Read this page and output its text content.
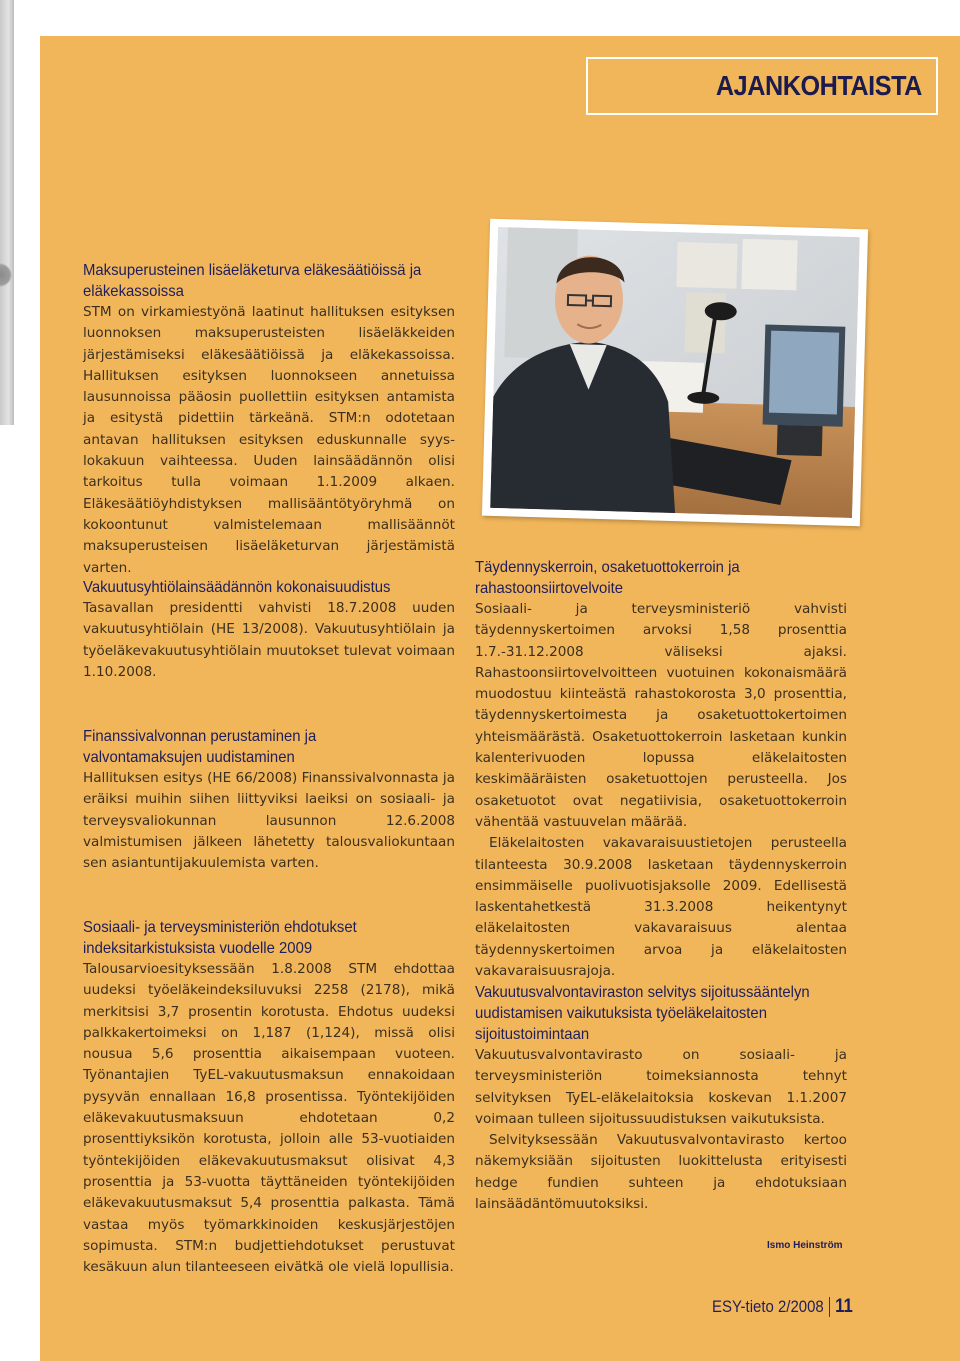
AJANKOHTAISTA
Maksuperusteinen lisäeläketurva eläkesäätiöissä ja eläkekassoissa

STM on virkamiestyönä laatinut hallituksen esityksen luonnoksen maksuperusteisten lisäeläkkeiden järjestämiseksi eläkesäätiöissä ja eläkekassoissa. Hallituksen esityksen luonnokseen annetuissa lausunnoissa pääosin puollettiin esityksen antamista ja esitystä pidettiin tärkeänä. STM:n odotetaan antavan hallituksen esityksen eduskunnalle syys-lokakuun vaihteessa. Uuden lainsäädännön olisi tarkoitus tulla voimaan 1.1.2009 alkaen. Eläkesäätiöyhdistyksen mallisääntötyöryhmä on kokoontunut valmistelemaan mallisäännöt maksuperusteisen lisäeläketurvan järjestämistä varten.

Vakuutusyhtiölainsäädännön kokonaisuudistus

Tasavallan presidentti vahvisti 18.7.2008 uuden vakuutusyhtiölain (HE 13/2008). Vakuutusyhtiölain ja työeläkevakuutusyhtiölain muutokset tulevat voimaan 1.10.2008.

Finanssivalvonnan perustaminen ja valvontamaksujen uudistaminen

Hallituksen esitys (HE 66/2008) Finanssivalvonnasta ja eräiksi muihin siihen liittyviksi laeiksi on sosiaali- ja terveysvaliokunnan lausunnon 12.6.2008 valmistumisen jälkeen lähetetty talousvaliokuntaan sen asiantuntijakuulemista varten.

Sosiaali- ja terveysministeriön ehdotukset indeksitarkistuksista vuodelle 2009

Talousarvioesityksessään 1.8.2008 STM ehdottaa uudeksi työeläkeindeksiluvuksi 2258 (2178), mikä merkitsisi 3,7 prosentin korotusta. Ehdotus uudeksi palkkakertoimeksi on 1,187 (1,124), missä olisi nousua 5,6 prosenttia aikaisempaan vuoteen. Työnantajien TyEL-vakuutusmaksun ennakoidaan pysyvän ennallaan 16,8 prosentissa. Työntekijöiden eläkevakuutusmaksuun ehdotetaan 0,2 prosenttiyksikön korotusta, jolloin alle 53-vuotiaiden työntekijöiden eläkevakuutusmaksut olisivat 4,3 prosenttia ja 53-vuotta täyttäneiden työntekijöiden eläkevakuutusmaksut 5,4 prosenttia palkasta. Tämä vastaa myös työmarkkinoiden keskusjärjestöjen sopimusta. STM:n budjettiehdotukset perustuvat kesäkuun alun tilanteeseen eivätkä ole vielä lopullisia.

Täydennyskerroin, osaketuottokerroin ja rahastoonsiirtovelvoite

Sosiaali- ja terveysministeriö vahvisti täydennyskertoimen arvoksi 1,58 prosenttia 1.7.-31.12.2008 väliseksi ajaksi. Rahastoonsiirtovelvoitteen vuotuinen kokonaismäärä muodostuu kiinteästä rahastokorosta 3,0 prosenttia, täydennyskertoimesta ja osaketuottokertoimen yhteismäärästä. Osaketuottokerroin lasketaan kunkin kalenterivuoden lopussa eläkelaitosten keskimääräisten osaketuottojen perusteella. Jos osaketuotot ovat negatiivisia, osaketuottokerroin vähentää vastuuvelan määrää.

Eläkelaitosten vakavaraisuustietojen perusteella tilanteesta 30.9.2008 lasketaan täydennyskerroin ensimmäiselle puolivuotisjaksolle 2009. Edellisestä laskentahetkestä 31.3.2008 heikentynyt eläkelaitosten vakavaraisuus alentaa täydennyskertoimen arvoa ja eläkelaitosten vakavaraisuusrajoja.

Vakuutusvalvontaviraston selvitys sijoitussääntelyn uudistamisen vaikutuksista työeläkelaitosten sijoitustoimintaan

Vakuutusvalvontavirasto on sosiaali- ja terveysministeriön toimeksiannosta tehnyt selvityksen TyEL-eläkelaitoksia koskevan 1.1.2007 voimaan tulleen sijoitussuudistuksen vaikutuksista.

Selvityksessään Vakuutusvalvontavirasto kertoo näkemyksiään sijoitusten luokittelusta erityisesti hedge fundien suhteen ja ehdotuksiaan lainsäädäntömuutoksiksi.

Ismo Heinström
ESY-tieto 2/2008 11
